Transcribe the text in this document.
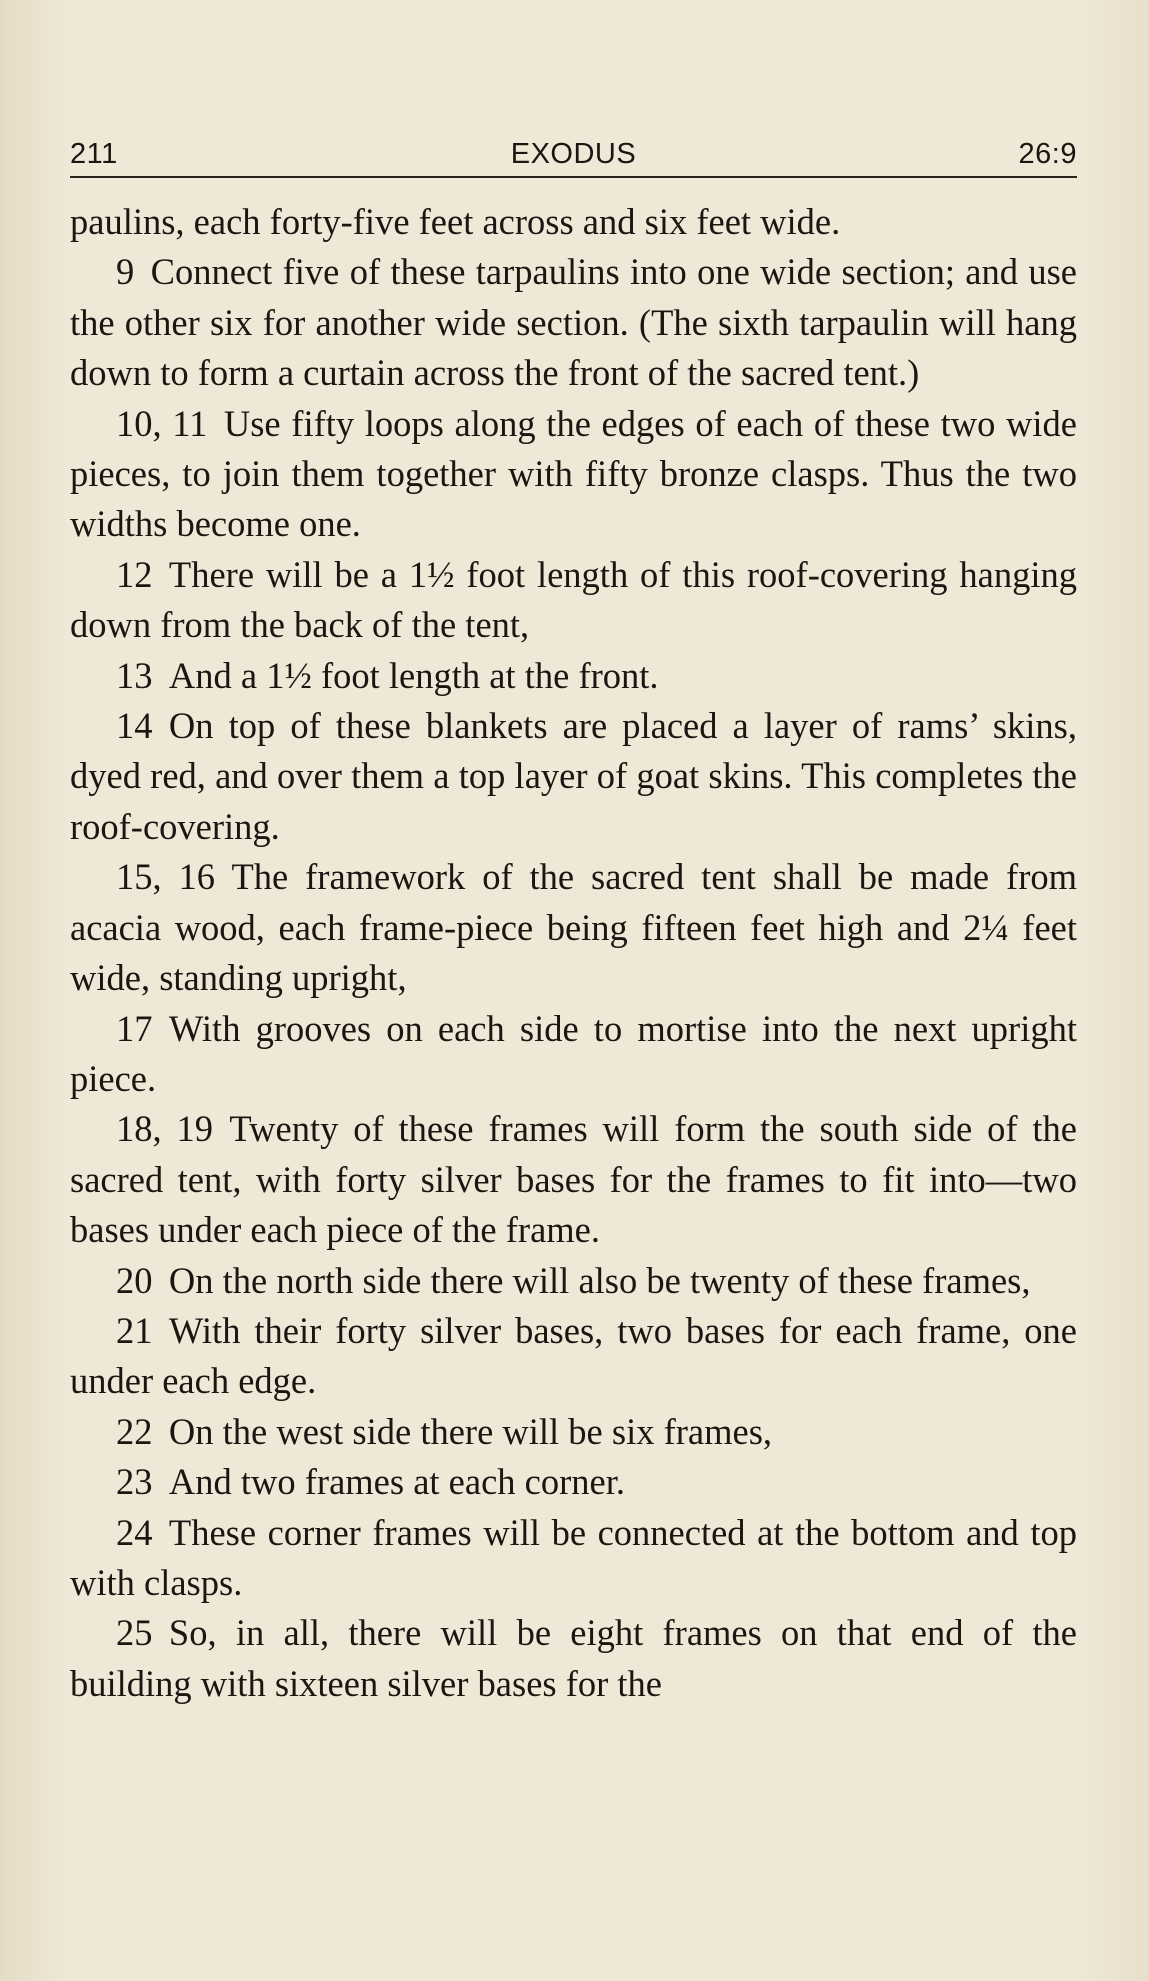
211	EXODUS	26:9

paulins, each forty-five feet across and six feet wide.

9 Connect five of these tarpaulins into one wide section; and use the other six for another wide section. (The sixth tarpaulin will hang down to form a curtain across the front of the sacred tent.)

10, 11 Use fifty loops along the edges of each of these two wide pieces, to join them together with fifty bronze clasps. Thus the two widths become one.

12 There will be a 1½ foot length of this roof-covering hanging down from the back of the tent,

13 And a 1½ foot length at the front.

14 On top of these blankets are placed a layer of rams’ skins, dyed red, and over them a top layer of goat skins. This completes the roof-covering.

15, 16 The framework of the sacred tent shall be made from acacia wood, each frame-piece being fifteen feet high and 2¼ feet wide, standing upright,

17 With grooves on each side to mortise into the next upright piece.

18, 19 Twenty of these frames will form the south side of the sacred tent, with forty silver bases for the frames to fit into—two bases under each piece of the frame.

20 On the north side there will also be twenty of these frames,

21 With their forty silver bases, two bases for each frame, one under each edge.

22 On the west side there will be six frames,

23 And two frames at each corner.

24 These corner frames will be connected at the bottom and top with clasps.

25 So, in all, there will be eight frames on that end of the building with sixteen silver bases for the
